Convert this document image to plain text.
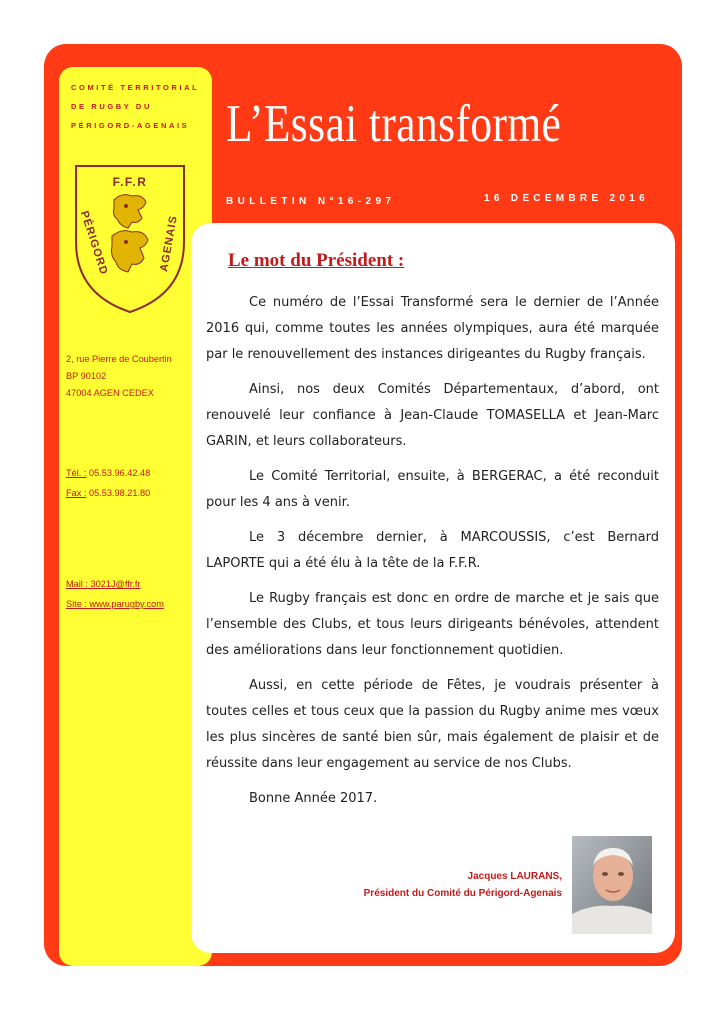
COMITÉ TERRITORIAL
DE RUGBY DU
PÉRIGORD-AGENAIS
F.F.R
PÉRIGORD	AGENAIS
2, rue Pierre de Coubertin
BP 90102
47004 AGEN CEDEX
Tél. : 05.53.96.42.48
Fax : 05.53.98.21.80
Mail : 3021J@ffr.fr
Site : www.parugby.com
L’Essai transformé
BULLETIN N°16-297	16 DECEMBRE 2016
Le mot du Président :

Ce numéro de l’Essai Transformé sera le dernier de l’Année 2016 qui, comme toutes les années olympiques, aura été marquée par le renouvellement des instances dirigeantes du Rugby français.

Ainsi, nos deux Comités Départementaux, d’abord, ont renouvelé leur confiance à Jean-Claude TOMASELLA et Jean-Marc GARIN, et leurs collaborateurs.

Le Comité Territorial, ensuite, à BERGERAC, a été reconduit pour les 4 ans à venir.

Le 3 décembre dernier, à MARCOUSSIS, c’est Bernard LAPORTE qui a été élu à la tête de la F.F.R.

Le Rugby français est donc en ordre de marche et je sais que l’ensemble des Clubs, et tous leurs dirigeants bénévoles, attendent des améliorations dans leur fonctionnement quotidien.

Aussi, en cette période de Fêtes, je voudrais présenter à toutes celles et tous ceux que la passion du Rugby anime mes vœux les plus sincères de santé bien sûr, mais également de plaisir et de réussite dans leur engagement au service de nos Clubs.

Bonne Année 2017.

Jacques LAURANS,
Président du Comité du Périgord-Agenais
